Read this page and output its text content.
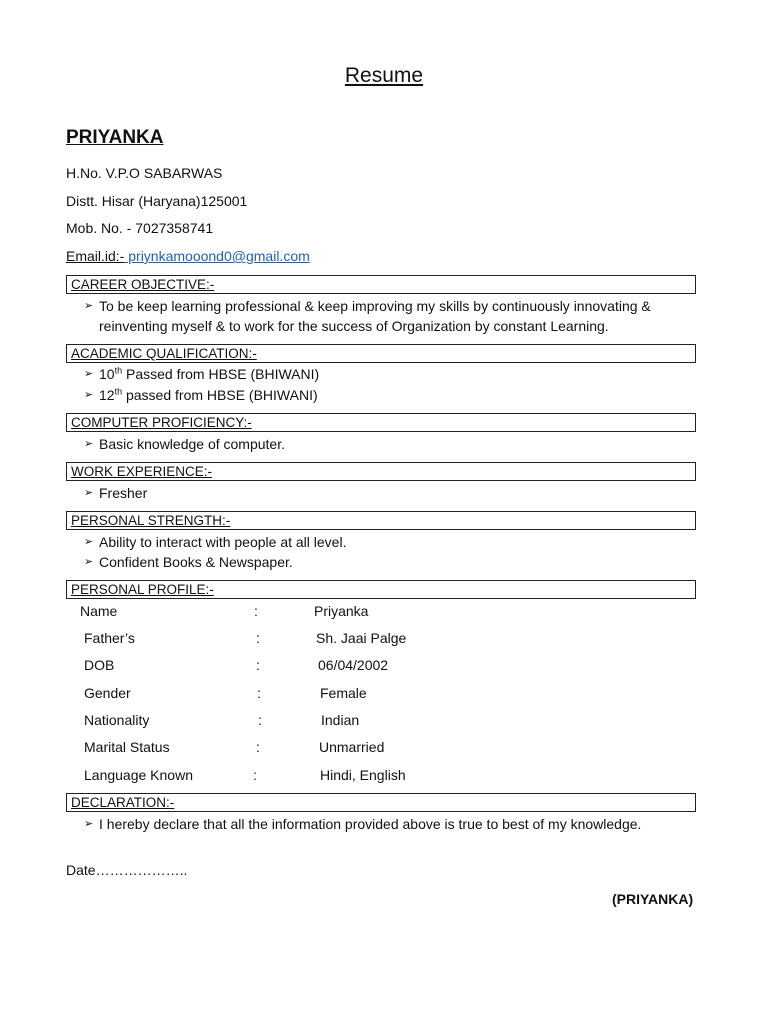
Resume
PRIYANKA
H.No. V.P.O SABARWAS
Distt. Hisar (Haryana)125001
Mob. No. - 7027358741
Email.id:- priynkamooond0@gmail.com
CAREER OBJECTIVE:-
➢ To be keep learning professional & keep improving my skills by continuously innovating &
reinventing myself & to work for the success of Organization by constant Learning.
ACADEMIC QUALIFICATION:-
➢ 10th Passed from HBSE (BHIWANI)
➢ 12th passed from HBSE (BHIWANI)
COMPUTER PROFICIENCY:-
➢ Basic knowledge of computer.
WORK EXPERIENCE:-
➢ Fresher
PERSONAL STRENGTH:-
➢ Ability to interact with people at all level.
➢ Confident Books & Newspaper.
PERSONAL PROFILE:-
Name	:	Priyanka
Father’s	:	Sh. Jaai Palge
DOB	:	06/04/2002
Gender	:	Female
Nationality	:	Indian
Marital Status	:	Unmarried
Language Known	:	Hindi, English
DECLARATION:-
➢ I hereby declare that all the information provided above is true to best of my knowledge.
Date………………..
(PRIYANKA)
